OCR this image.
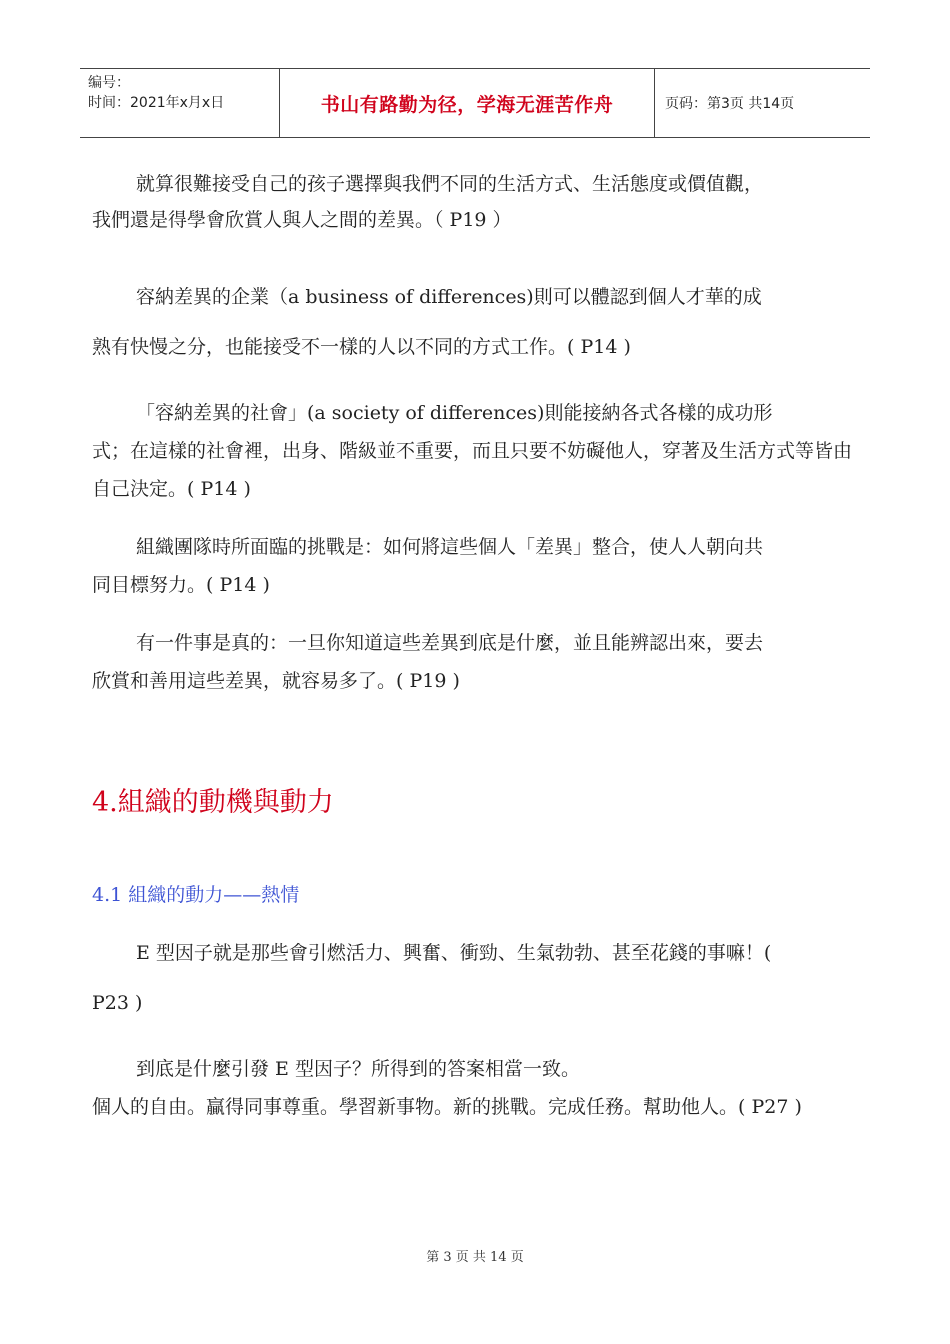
编号：
时间：2021年x月x日	书山有路勤为径，学海无涯苦作舟	页码：第3页 共14页
就算很難接受自己的孩子選擇與我們不同的生活方式、生活態度或價值觀，
我們還是得學會欣賞人與人之間的差異。（ P19 ）
容納差異的企業（a business of differences)則可以體認到個人才華的成
熟有快慢之分，也能接受不一樣的人以不同的方式工作。( P14 )
「容納差異的社會」(a society of differences)則能接納各式各樣的成功形
式；在這樣的社會裡，出身、階級並不重要，而且只要不妨礙他人，穿著及生活方式等皆由自己決定。( P14 )
組織團隊時所面臨的挑戰是：如何將這些個人「差異」整合，使人人朝向共
同目標努力。( P14 )
有一件事是真的：一旦你知道這些差異到底是什麼，並且能辨認出來，要去
欣賞和善用這些差異，就容易多了。( P19 )
4.組織的動機與動力
4.1 組織的動力——熱情
E 型因子就是那些會引燃活力、興奮、衝勁、生氣勃勃、甚至花錢的事嘛！(
P23 )
到底是什麼引發 E 型因子？所得到的答案相當一致。
個人的自由。贏得同事尊重。學習新事物。新的挑戰。完成任務。幫助他人。( P27 )
第 3 页 共 14 页
